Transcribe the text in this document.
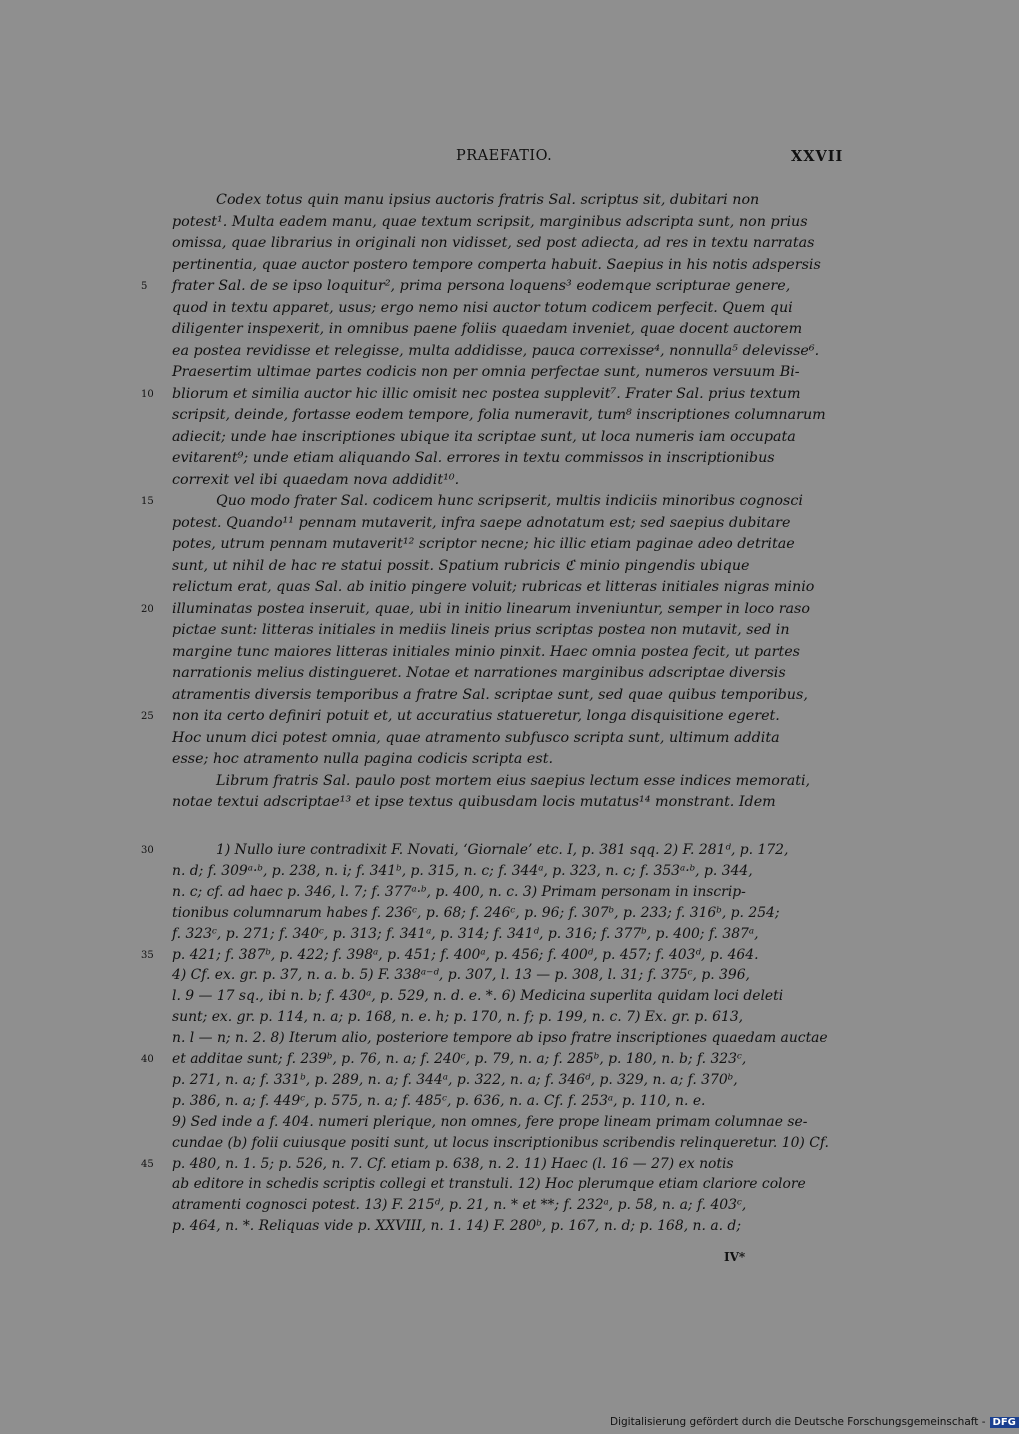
PRAEFATIO.	XXVII
Codex totus quin manu ipsius auctoris fratris Sal. scriptus sit, dubitari non
potest¹. Multa eadem manu, quae textum scripsit, marginibus adscripta sunt, non prius
omissa, quae librarius in originali non vidisset, sed post adiecta, ad res in textu narratas
pertinentia, quae auctor postero tempore comperta habuit. Saepius in his notis adspersis
5 frater Sal. de se ipso loquitur², prima persona loquens³ eodemque scripturae genere,
quod in textu apparet, usus; ergo nemo nisi auctor totum codicem perfecit. Quem qui
diligenter inspexerit, in omnibus paene foliis quaedam inveniet, quae docent auctorem
ea postea revidisse et relegisse, multa addidisse, pauca correxisse⁴, nonnulla⁵ delevisse⁶.
Praesertim ultimae partes codicis non per omnia perfectae sunt, numeros versuum Bi-
10 bliorum et similia auctor hic illic omisit nec postea supplevit⁷. Frater Sal. prius textum
scripsit, deinde, fortasse eodem tempore, folia numeravit, tum⁸ inscriptiones columnarum
adiecit; unde hae inscriptiones ubique ita scriptae sunt, ut loca numeris iam occupata
evitarent⁹; unde etiam aliquando Sal. errores in textu commissos in inscriptionibus
correxit vel ibi quaedam nova addidit¹⁰.
15	Quo modo frater Sal. codicem hunc scripserit, multis indiciis minoribus cognosci
potest. Quando¹¹ pennam mutaverit, infra saepe adnotatum est; sed saepius dubitare
potes, utrum pennam mutaverit¹² scriptor necne; hic illic etiam paginae adeo detritae
sunt, ut nihil de hac re statui possit. Spatium rubricis ℭ minio pingendis ubique
relictum erat, quas Sal. ab initio pingere voluit; rubricas et litteras initiales nigras minio
20 illuminatas postea inseruit, quae, ubi in initio linearum inveniuntur, semper in loco raso
pictae sunt: litteras initiales in mediis lineis prius scriptas postea non mutavit, sed in
margine tunc maiores litteras initiales minio pinxit. Haec omnia postea fecit, ut partes
narrationis melius distingueret. Notae et narrationes marginibus adscriptae diversis
atramentis diversis temporibus a fratre Sal. scriptae sunt, sed quae quibus temporibus,
25 non ita certo definiri potuit et, ut accuratius statueretur, longa disquisitione egeret.
Hoc unum dici potest omnia, quae atramento subfusco scripta sunt, ultimum addita
esse; hoc atramento nulla pagina codicis scripta est.
Librum fratris Sal. paulo post mortem eius saepius lectum esse indices memorati,
notae textui adscriptae¹³ et ipse textus quibusdam locis mutatus¹⁴ monstrant. Idem
30	1) Nullo iure contradixit F. Novati, ‘Giornale’ etc. I, p. 381 sqq. 2) F. 281ᵈ, p. 172,
n. d; f. 309ᵃ·ᵇ, p. 238, n. i; f. 341ᵇ, p. 315, n. c; f. 344ᵃ, p. 323, n. c; f. 353ᵃ·ᵇ, p. 344,
n. c; cf. ad haec p. 346, l. 7; f. 377ᵃ·ᵇ, p. 400, n. c. 3) Primam personam in inscrip-
tionibus columnarum habes f. 236ᶜ, p. 68; f. 246ᶜ, p. 96; f. 307ᵇ, p. 233; f. 316ᵇ, p. 254;
f. 323ᶜ, p. 271; f. 340ᶜ, p. 313; f. 341ᵃ, p. 314; f. 341ᵈ, p. 316; f. 377ᵇ, p. 400; f. 387ᵃ,
35 p. 421; f. 387ᵇ, p. 422; f. 398ᵃ, p. 451; f. 400ᵃ, p. 456; f. 400ᵈ, p. 457; f. 403ᵈ, p. 464.
4) Cf. ex. gr. p. 37, n. a. b. 5) F. 338ᵃ⁻ᵈ, p. 307, l. 13 — p. 308, l. 31; f. 375ᶜ, p. 396,
l. 9 — 17 sq., ibi n. b; f. 430ᵃ, p. 529, n. d. e. *. 6) Medicina superlita quidam loci deleti
sunt; ex. gr. p. 114, n. a; p. 168, n. e. h; p. 170, n. f; p. 199, n. c. 7) Ex. gr. p. 613,
n. l — n; n. 2. 8) Iterum alio, posteriore tempore ab ipso fratre inscriptiones quaedam auctae
40 et additae sunt; f. 239ᵇ, p. 76, n. a; f. 240ᶜ, p. 79, n. a; f. 285ᵇ, p. 180, n. b; f. 323ᶜ,
p. 271, n. a; f. 331ᵇ, p. 289, n. a; f. 344ᵃ, p. 322, n. a; f. 346ᵈ, p. 329, n. a; f. 370ᵇ,
p. 386, n. a; f. 449ᶜ, p. 575, n. a; f. 485ᶜ, p. 636, n. a. Cf. f. 253ᵃ, p. 110, n. e.
9) Sed inde a f. 404. numeri plerique, non omnes, fere prope lineam primam columnae se-
cundae (b) folii cuiusque positi sunt, ut locus inscriptionibus scribendis relinqueretur. 10) Cf.
45 p. 480, n. 1. 5; p. 526, n. 7. Cf. etiam p. 638, n. 2. 11) Haec (l. 16 — 27) ex notis
ab editore in schedis scriptis collegi et transtuli. 12) Hoc plerumque etiam clariore colore
atramenti cognosci potest. 13) F. 215ᵈ, p. 21, n. * et **; f. 232ᵃ, p. 58, n. a; f. 403ᶜ,
p. 464, n. *. Reliquas vide p. XXVIII, n. 1. 14) F. 280ᵇ, p. 167, n. d; p. 168, n. a. d;
IV*
Digitalisierung gefördert durch die Deutsche Forschungsgemeinschaft - DFG
